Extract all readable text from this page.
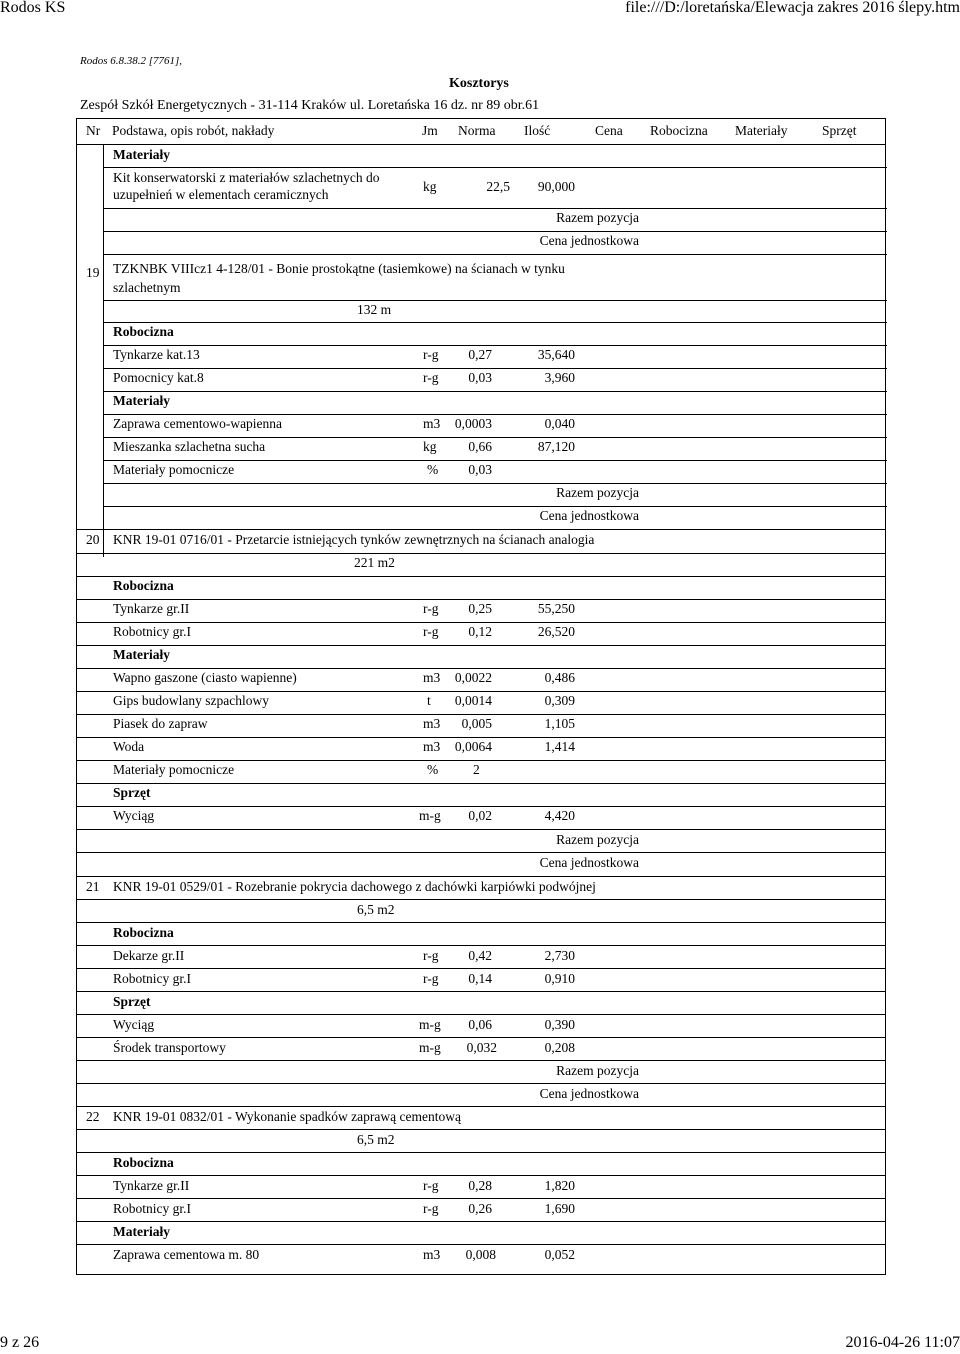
Rodos KS	file:///D:/loretańska/Elewacja zakres 2016 ślepy.htm
9 z 26	2016-04-26 11:07
Rodos 6.8.38.2 [7761],
Kosztorys
Zespół Szkół Energetycznych - 31-114 Kraków ul. Loretańska 16 dz. nr 89 obr.61
Nr Podstawa, opis robót, nakłady	Jm Norma Ilość	Cena Robocizna Materiały	Sprzęt
Materiały
Kit konserwatorski z materiałów szlachetnych do uzupełnień w elementach ceramicznych
kg	22,5	90,000
Razem pozycja
Cena jednostkowa
19 TZKNBK VIIIcz1 4-128/01 - Bonie prostokątne (tasiemkowe) na ścianach w tynku szlachetnym
132 m
Robocizna
Tynkarze kat.13	r-g	0,27	35,640
Pomocnicy kat.8	r-g	0,03	3,960
Materiały
Zaprawa cementowo-wapienna	m3 0,0003	0,040
Mieszanka szlachetna sucha	kg	0,66	87,120
Materiały pomocnicze	%	0,03
Razem pozycja
Cena jednostkowa
20 KNR 19-01 0716/01 - Przetarcie istniejących tynków zewnętrznych na ścianach analogia
221 m2
Robocizna
Tynkarze gr.II	r-g	0,25	55,250
Robotnicy gr.I	r-g	0,12	26,520
Materiały
Wapno gaszone (ciasto wapienne)	m3 0,0022	0,486
Gips budowlany szpachlowy	t 0,0014	0,309
Piasek do zapraw	m3	0,005	1,105
Woda	m3 0,0064	1,414
Materiały pomocnicze	%	2
Sprzęt
Wyciąg	m-g	0,02	4,420
Razem pozycja
Cena jednostkowa
21 KNR 19-01 0529/01 - Rozebranie pokrycia dachowego z dachówki karpiówki podwójnej
6,5 m2
Robocizna
Dekarze gr.II	r-g	0,42	2,730
Robotnicy gr.I	r-g	0,14	0,910
Sprzęt
Wyciąg	m-g	0,06	0,390
Środek transportowy	m-g	0,032	0,208
Razem pozycja
Cena jednostkowa
22 KNR 19-01 0832/01 - Wykonanie spadków zaprawą cementową
6,5 m2
Robocizna
Tynkarze gr.II	r-g	0,28	1,820
Robotnicy gr.I	r-g	0,26	1,690
Materiały
Zaprawa cementowa m. 80	m3	0,008	0,052
